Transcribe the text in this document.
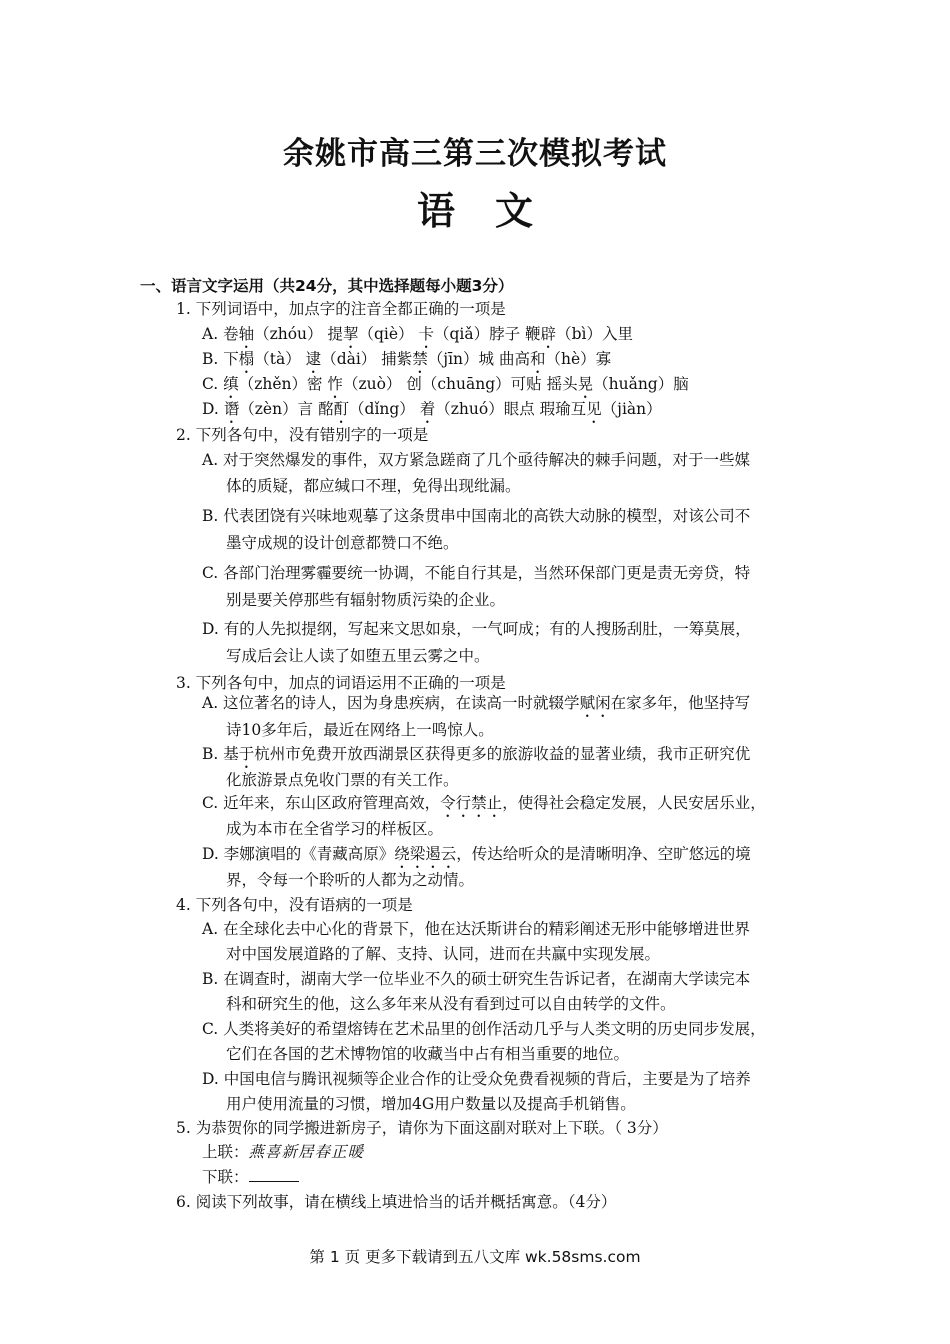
余姚市高三第三次模拟考试
语文
一、语言文字运用（共24分，其中选择题每小题3分）
1. 下列词语中，加点字的注音全都正确的一项是
A. 卷轴（zhóu） 提挈（qiè） 卡（qiǎ）脖子 鞭辟（bì）入里
B. 下榻（tà） 逮（dài） 捕紫禁（jīn）城 曲高和（hè）寡
C. 缜（zhěn）密 怍（zuò） 创（chuāng）可贴 摇头晃（huǎng）脑
D. 谮（zèn）言 酩酊（dǐng） 着（zhuó）眼点 瑕瑜互见（jiàn）
2. 下列各句中，没有错别字的一项是
A. 对于突然爆发的事件，双方紧急蹉商了几个亟待解决的棘手问题，对于一些媒
体的质疑，都应缄口不理，免得出现纰漏。
B. 代表团饶有兴味地观摹了这条贯串中国南北的高铁大动脉的模型，对该公司不
墨守成规的设计创意都赞口不绝。
C. 各部门治理雾霾要统一协调，不能自行其是，当然环保部门更是责无旁贷，特
别是要关停那些有辐射物质污染的企业。
D. 有的人先拟提纲，写起来文思如泉，一气呵成；有的人搜肠刮肚，一筹莫展，
写成后会让人读了如堕五里云雾之中。
3. 下列各句中，加点的词语运用不正确的一项是
A. 这位著名的诗人，因为身患疾病，在读高一时就辍学赋闲在家多年，他坚持写
诗10多年后，最近在网络上一鸣惊人。
B. 基于杭州市免费开放西湖景区获得更多的旅游收益的显著业绩，我市正研究优
化旅游景点免收门票的有关工作。
C. 近年来，东山区政府管理高效，令行禁止，使得社会稳定发展，人民安居乐业，
成为本市在全省学习的样板区。
D. 李娜演唱的《青藏高原》绕梁遏云，传达给听众的是清晰明净、空旷悠远的境
界，令每一个聆听的人都为之动情。
4. 下列各句中，没有语病的一项是
A. 在全球化去中心化的背景下，他在达沃斯讲台的精彩阐述无形中能够增进世界
对中国发展道路的了解、支持、认同，进而在共赢中实现发展。
B. 在调查时，湖南大学一位毕业不久的硕士研究生告诉记者，在湖南大学读完本
科和研究生的他，这么多年来从没有看到过可以自由转学的文件。
C. 人类将美好的希望熔铸在艺术品里的创作活动几乎与人类文明的历史同步发展，
它们在各国的艺术博物馆的收藏当中占有相当重要的地位。
D. 中国电信与腾讯视频等企业合作的让受众免费看视频的背后，主要是为了培养
用户使用流量的习惯，增加4G用户数量以及提高手机销售。
5. 为恭贺你的同学搬进新房子，请你为下面这副对联对上下联。（ 3分）
上联：燕喜新居春正暖
下联：
6. 阅读下列故事，请在横线上填进恰当的话并概括寓意。（4分）
第 1 页 更多下载请到五八文库 wk.58sms.com
